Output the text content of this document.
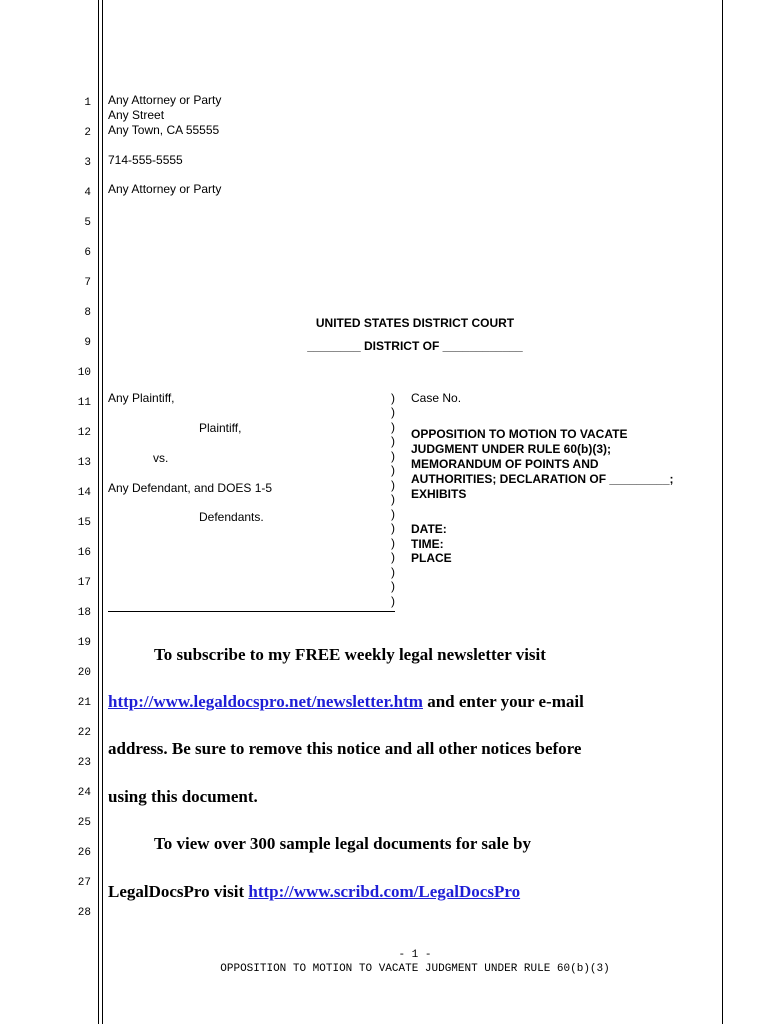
1
2
3
4
5
6
7
8
9
10
11
12
13
14
15
16
17
18
19
20
21
22
23
24
25
26
27
28
Any Attorney or Party
Any Street
Any Town, CA 55555
714-555-5555
Any Attorney or Party
UNITED STATES DISTRICT COURT
________ DISTRICT OF ____________
Any Plaintiff,
Plaintiff,
vs.
Any Defendant, and DOES 1-5
Defendants.
)
)
)
)
)
)
)
)
)
)
)
)
)
)
)
Case No.
OPPOSITION TO MOTION TO VACATE
JUDGMENT UNDER RULE 60(b)(3);
MEMORANDUM OF POINTS AND
AUTHORITIES; DECLARATION OF _________;
EXHIBITS
DATE:
TIME:
PLACE
To subscribe to my FREE weekly legal newsletter visit
http://www.legaldocspro.net/newsletter.htm and enter your e-mail
address. Be sure to remove this notice and all other notices before
using this document.
To view over 300 sample legal documents for sale by
LegalDocsPro visit http://www.scribd.com/LegalDocsPro
- 1 -
OPPOSITION TO MOTION TO VACATE JUDGMENT UNDER RULE 60(b)(3)
